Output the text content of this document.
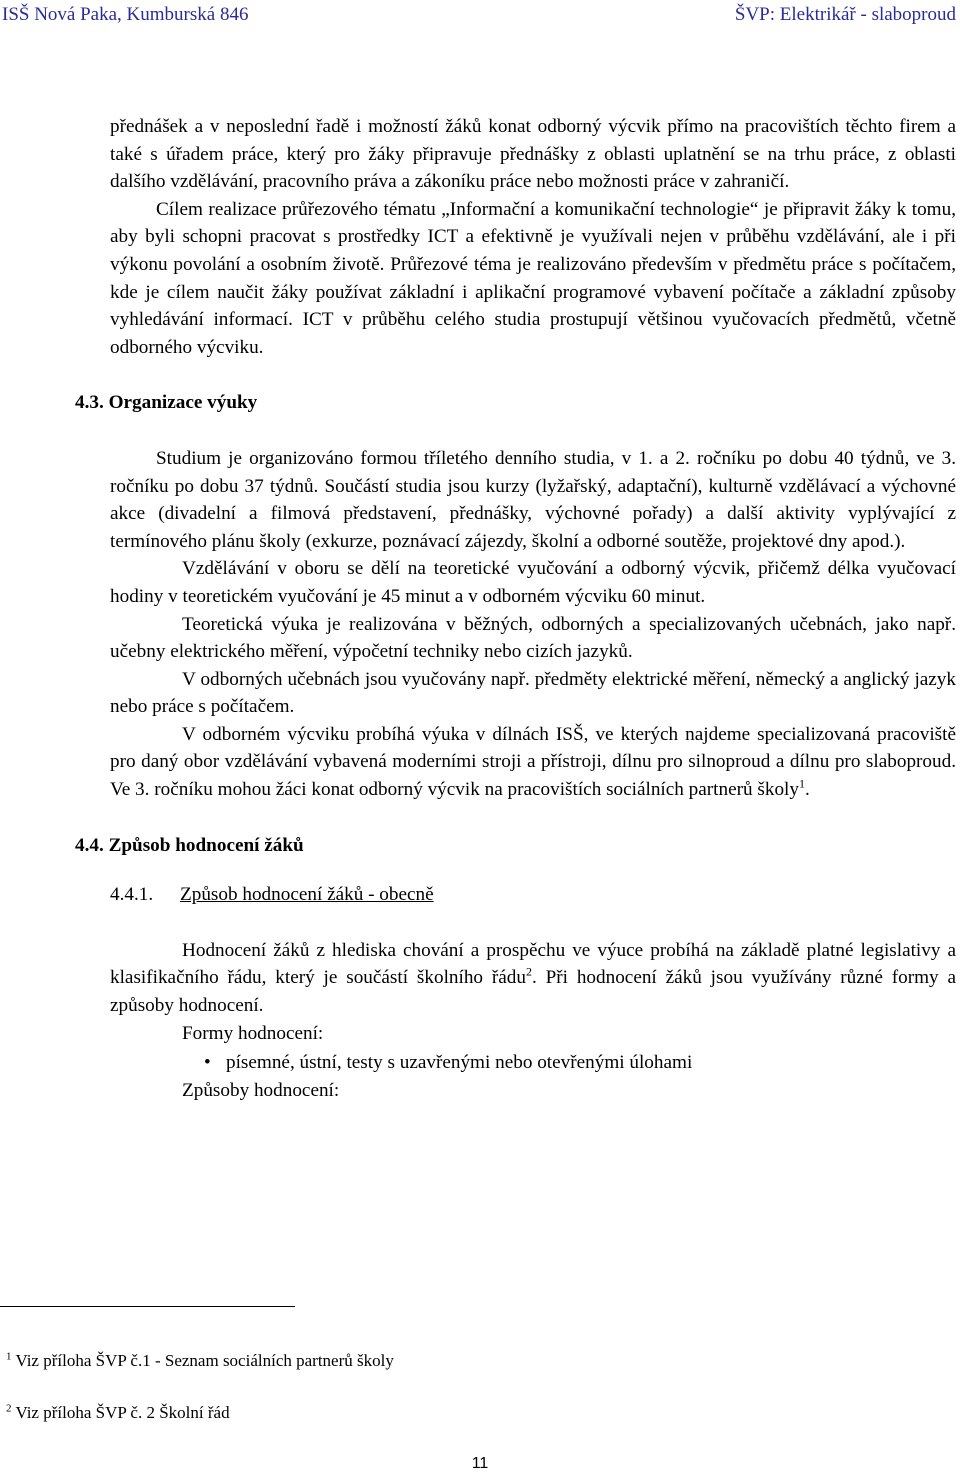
ISŠ Nová Paka, Kumburská 846	ŠVP: Elektrikář - slaboproud

přednášek a v neposlední řadě i možností žáků konat odborný výcvik přímo na pracovištích těchto firem a také s úřadem práce, který pro žáky připravuje přednášky z oblasti uplatnění se na trhu práce, z oblasti dalšího vzdělávání, pracovního práva a zákoníku práce nebo možnosti práce v zahraničí.

Cílem realizace průřezového tématu „Informační a komunikační technologie“ je připravit žáky k tomu, aby byli schopni pracovat s prostředky ICT a efektivně je využívali nejen v průběhu vzdělávání, ale i při výkonu povolání a osobním životě. Průřezové téma je realizováno především v předmětu práce s počítačem, kde je cílem naučit žáky používat základní i aplikační programové vybavení počítače a základní způsoby vyhledávání informací. ICT v průběhu celého studia prostupují většinou vyučovacích předmětů, včetně odborného výcviku.

4.3. Organizace výuky

Studium je organizováno formou tříletého denního studia, v 1. a 2. ročníku po dobu 40 týdnů, ve 3. ročníku po dobu 37 týdnů. Součástí studia jsou kurzy (lyžařský, adaptační), kulturně vzdělávací a výchovné akce (divadelní a filmová představení, přednášky, výchovné pořady) a další aktivity vyplývající z termínového plánu školy (exkurze, poznávací zájezdy, školní a odborné soutěže, projektové dny apod.).

Vzdělávání v oboru se dělí na teoretické vyučování a odborný výcvik, přičemž délka vyučovací hodiny v teoretickém vyučování je 45 minut a v odborném výcviku 60 minut.

Teoretická výuka je realizována v běžných, odborných a specializovaných učebnách, jako např. učebny elektrického měření, výpočetní techniky nebo cizích jazyků.

V odborných učebnách jsou vyučovány např. předměty elektrické měření, německý a anglický jazyk nebo práce s počítačem.

V odborném výcviku probíhá výuka v dílnách ISŠ, ve kterých najdeme specializovaná pracoviště pro daný obor vzdělávání vybavená moderními stroji a přístroji, dílnu pro silnoproud a dílnu pro slaboproud. Ve 3. ročníku mohou žáci konat odborný výcvik na pracovištích sociálních partnerů školy$^1$.

4.4. Způsob hodnocení žáků

4.4.1. Způsob hodnocení žáků - obecně

Hodnocení žáků z hlediska chování a prospěchu ve výuce probíhá na základě platné legislativy a klasifikačního řádu, který je součástí školního řádu$^2$. Při hodnocení žáků jsou využívány různé formy a způsoby hodnocení.

Formy hodnocení:

• písemné, ústní, testy s uzavřenými nebo otevřenými úlohami

Způsoby hodnocení:

$^1$ Viz příloha ŠVP č.1 - Seznam sociálních partnerů školy
$^2$ Viz příloha ŠVP č. 2 Školní řád
11
